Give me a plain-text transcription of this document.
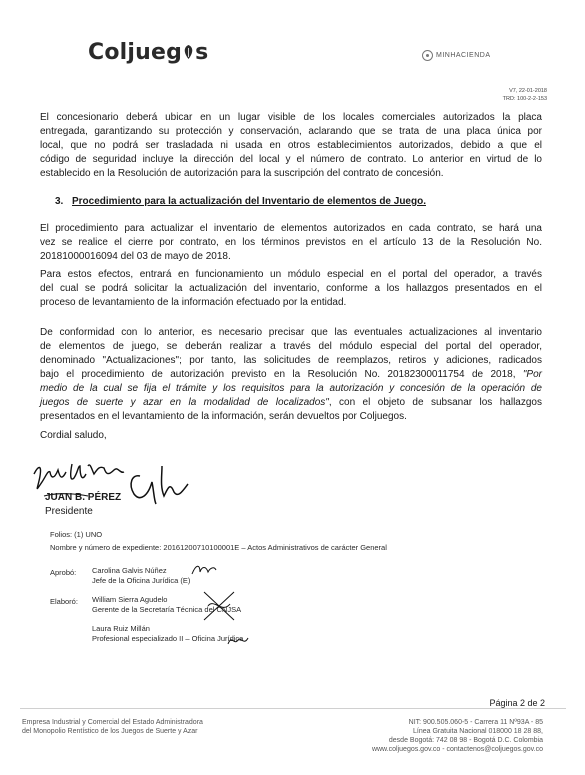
Coljueg s	MINHACIENDA
V7, 22-01-2018
TRD: 100-2-2-153
El concesionario deberá ubicar en un lugar visible de los locales comerciales autorizados la placa
entregada, garantizando su protección y conservación, aclarando que se trata de una placa única por
local, que no podrá ser trasladada ni usada en otros establecimientos autorizados, debido a que el
código de seguridad incluye la dirección del local y el número de contrato. Lo anterior en virtud de lo
establecido en la Resolución de autorización para la suscripción del contrato de concesión.
3. Procedimiento para la actualización del Inventario de elementos de Juego.
El procedimiento para actualizar el inventario de elementos autorizados en cada contrato, se hará una
vez se realice el cierre por contrato, en los términos previstos en el artículo 13 de la Resolución No.
20181000016094 del 03 de mayo de 2018.
Para estos efectos, entrará en funcionamiento un módulo especial en el portal del operador, a través
del cual se podrá solicitar la actualización del inventario, conforme a los hallazgos presentados en el
proceso de levantamiento de la información efectuado por la entidad.
De conformidad con lo anterior, es necesario precisar que las eventuales actualizaciones al inventario
de elementos de juego, se deberán realizar a través del módulo especial del portal del operador,
denominado "Actualizaciones"; por tanto, las solicitudes de reemplazos, retiros y adiciones, radicados
bajo el procedimiento de autorización previsto en la Resolución No. 20182300011754 de 2018, "Por
medio de la cual se fija el trámite y los requisitos para la autorización y concesión de la operación de
juegos de suerte y azar en la modalidad de localizados", con el objeto de subsanar los hallazgos
presentados en el levantamiento de la información, serán devueltos por Coljuegos.
Cordial saludo,
JUAN B. PÉREZ
Presidente
Folios: (1) UNO
Nombre y número de expediente: 20161200710100001E – Actos Administrativos de carácter General
Aprobó: Carolina Galvis Núñez
Jefe de la Oficina Jurídica (E)
Elaboró: William Sierra Agudelo
Gerente de la Secretaría Técnica del CNJSA
Laura Ruiz Millán
Profesional especializado II – Oficina Jurídica
Página 2 de 2
Empresa Industrial y Comercial del Estado Administradora
del Monopolio Rentístico de los Juegos de Suerte y Azar
NIT: 900.505.060-5 - Carrera 11 Nº93A - 85
Línea Gratuita Nacional 018000 18 28 88,
desde Bogotá: 742 08 98 - Bogotá D.C. Colombia
www.coljuegos.gov.co - contactenos@coljuegos.gov.co
